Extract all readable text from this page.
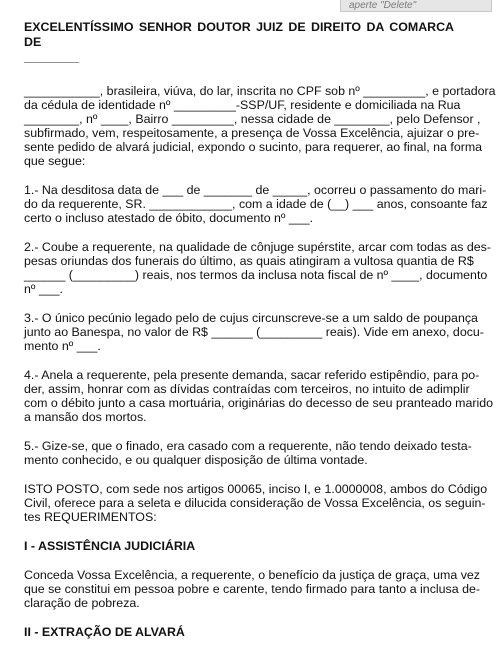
aperte "Delete"
EXCELENTÍSSIMO SENHOR DOUTOR JUIZ DE DIREITO DA COMARCA DE
________
___________, brasileira, viúva, do lar, inscrita no CPF sob nº _________, e portadora
da cédula de identidade nº _________-SSP/UF, residente e domiciliada na Rua
________, nº ____, Bairro _________, nessa cidade de ________, pelo Defensor ,
subfirmado, vem, respeitosamente, a presença de Vossa Excelência, ajuizar o pre-
sente pedido de alvará judicial, expondo o sucinto, para requerer, ao final, na forma
que segue:
1.- Na desditosa data de ___ de _______ de _____, ocorreu o passamento do mari-
do da requerente, SR. ____________, com a idade de (__) ___ anos, consoante faz
certo o incluso atestado de óbito, documento nº ___.
2.- Coube a requerente, na qualidade de cônjuge supérstite, arcar com todas as des-
pesas oriundas dos funerais do último, as quais atingiram a vultosa quantia de R$
______ (_________) reais, nos termos da inclusa nota fiscal de nº ____, documento
nº ___.
3.- O único pecúnio legado pelo de cujus circunscreve-se a um saldo de poupança
junto ao Banespa, no valor de R$ ______ (_________ reais). Vide em anexo, docu-
mento nº ___.
4.- Anela a requerente, pela presente demanda, sacar referido estipêndio, para po-
der, assim, honrar com as dívidas contraídas com terceiros, no intuito de adimplir
com o débito junto a casa mortuária, originárias do decesso de seu pranteado marido
a mansão dos mortos.
5.- Gize-se, que o finado, era casado com a requerente, não tendo deixado testa-
mento conhecido, e ou qualquer disposição de última vontade.
ISTO POSTO, com sede nos artigos 00065, inciso I, e 1.0000008, ambos do Código
Civil, oferece para a seleta e dilucida consideração de Vossa Excelência, os seguin-
tes REQUERIMENTOS:
I - ASSISTÊNCIA JUDICIÁRIA
Conceda Vossa Excelência, a requerente, o benefício da justiça de graça, uma vez
que se constitui em pessoa pobre e carente, tendo firmado para tanto a inclusa de-
claração de pobreza.
II - EXTRAÇÃO DE ALVARÁ
